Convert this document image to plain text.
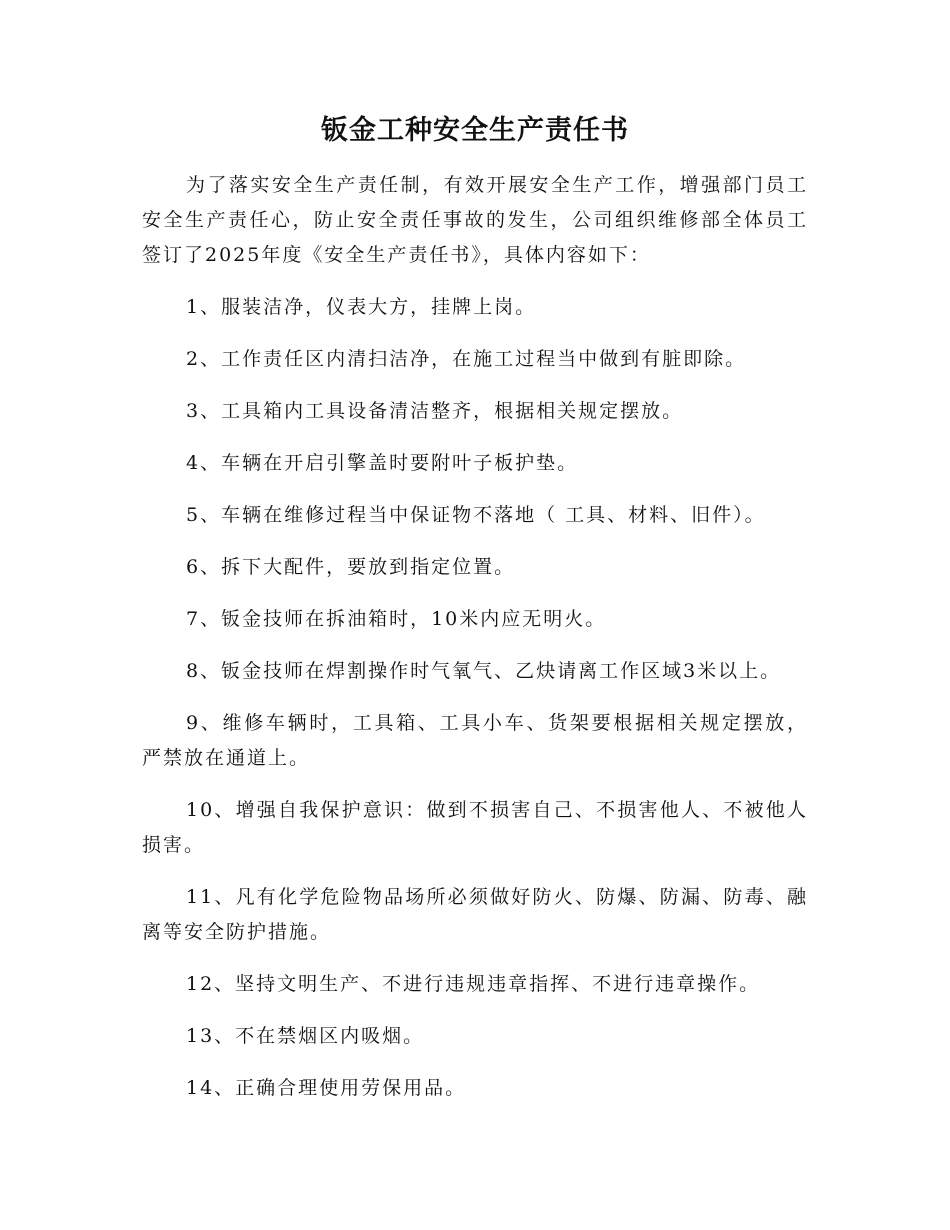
钣金工种安全生产责任书

为了落实安全生产责任制，有效开展安全生产工作，增强部门员工安全生产责任心，防止安全责任事故的发生，公司组织维修部全体员工签订了2025年度《安全生产责任书》，具体内容如下：

1、服装洁净，仪表大方，挂牌上岗。

2、工作责任区内清扫洁净，在施工过程当中做到有脏即除。

3、工具箱内工具设备清洁整齐，根据相关规定摆放。

4、车辆在开启引擎盖时要附叶子板护垫。

5、车辆在维修过程当中保证物不落地（ 工具、材料、旧件）。

6、拆下大配件，要放到指定位置。

7、钣金技师在拆油箱时，10米内应无明火。

8、钣金技师在焊割操作时气氧气、乙炔请离工作区域3米以上。

9、维修车辆时，工具箱、工具小车、货架要根据相关规定摆放，严禁放在通道上。

10、增强自我保护意识：做到不损害自己、不损害他人、不被他人损害。

11、凡有化学危险物品场所必须做好防火、防爆、防漏、防毒、融离等安全防护措施。

12、坚持文明生产、不进行违规违章指挥、不进行违章操作。

13、不在禁烟区内吸烟。

14、正确合理使用劳保用品。
